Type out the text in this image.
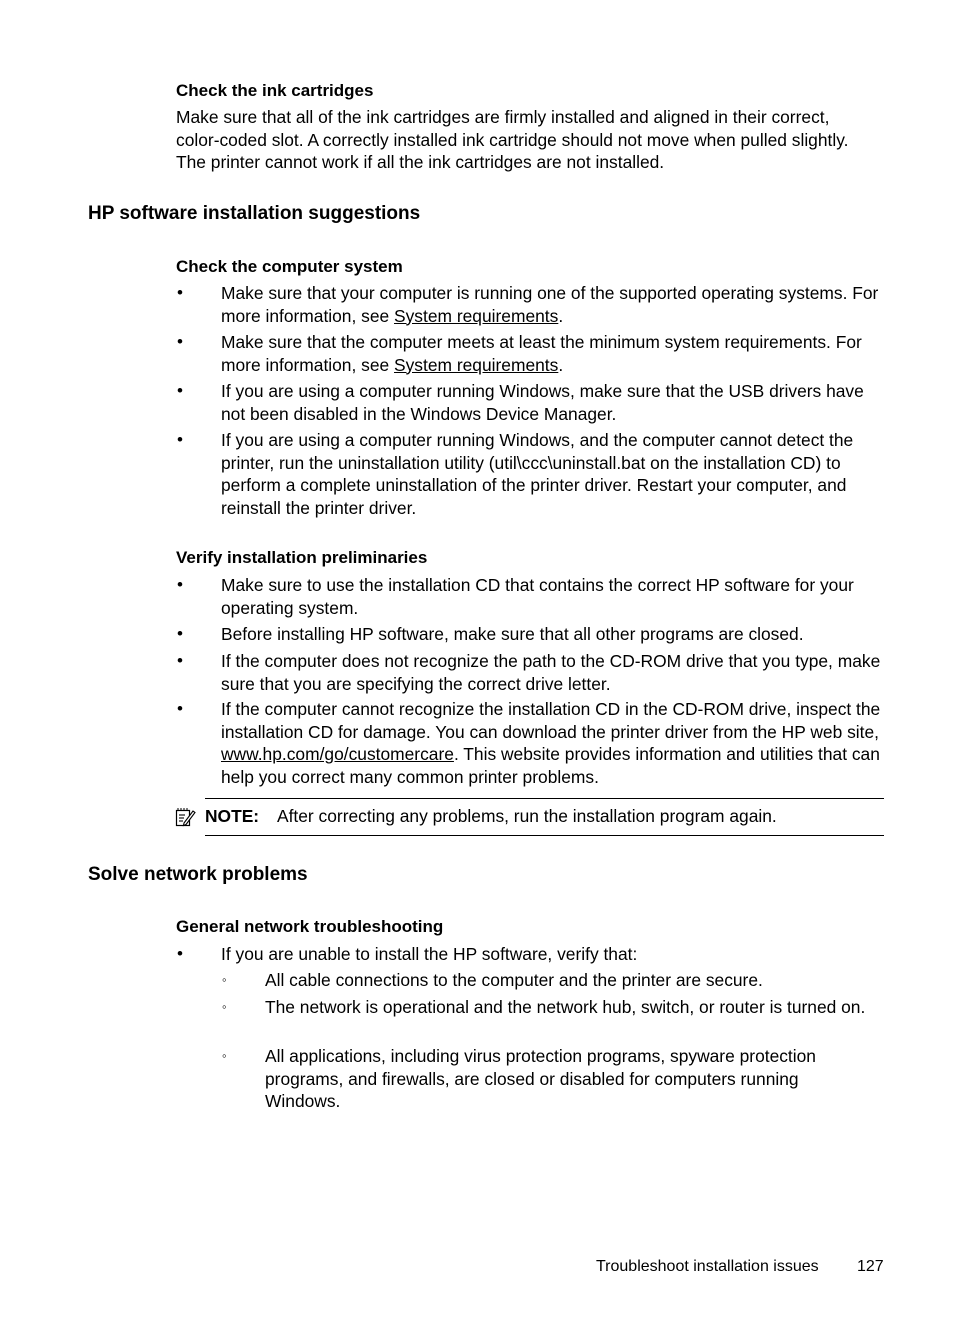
Check the ink cartridges
Make sure that all of the ink cartridges are firmly installed and aligned in their correct, color-coded slot. A correctly installed ink cartridge should not move when pulled slightly. The printer cannot work if all the ink cartridges are not installed.
HP software installation suggestions
Check the computer system
• Make sure that your computer is running one of the supported operating systems. For more information, see System requirements.
• Make sure that the computer meets at least the minimum system requirements. For more information, see System requirements.
• If you are using a computer running Windows, make sure that the USB drivers have not been disabled in the Windows Device Manager.
• If you are using a computer running Windows, and the computer cannot detect the printer, run the uninstallation utility (util\ccc\uninstall.bat on the installation CD) to perform a complete uninstallation of the printer driver. Restart your computer, and reinstall the printer driver.
Verify installation preliminaries
• Make sure to use the installation CD that contains the correct HP software for your operating system.
• Before installing HP software, make sure that all other programs are closed.
• If the computer does not recognize the path to the CD-ROM drive that you type, make sure that you are specifying the correct drive letter.
• If the computer cannot recognize the installation CD in the CD-ROM drive, inspect the installation CD for damage. You can download the printer driver from the HP web site, www.hp.com/go/customercare. This website provides information and utilities that can help you correct many common printer problems.
NOTE: After correcting any problems, run the installation program again.
Solve network problems
General network troubleshooting
• If you are unable to install the HP software, verify that:
◦ All cable connections to the computer and the printer are secure.
◦ The network is operational and the network hub, switch, or router is turned on.
◦ All applications, including virus protection programs, spyware protection programs, and firewalls, are closed or disabled for computers running Windows.
Troubleshoot installation issues 127
